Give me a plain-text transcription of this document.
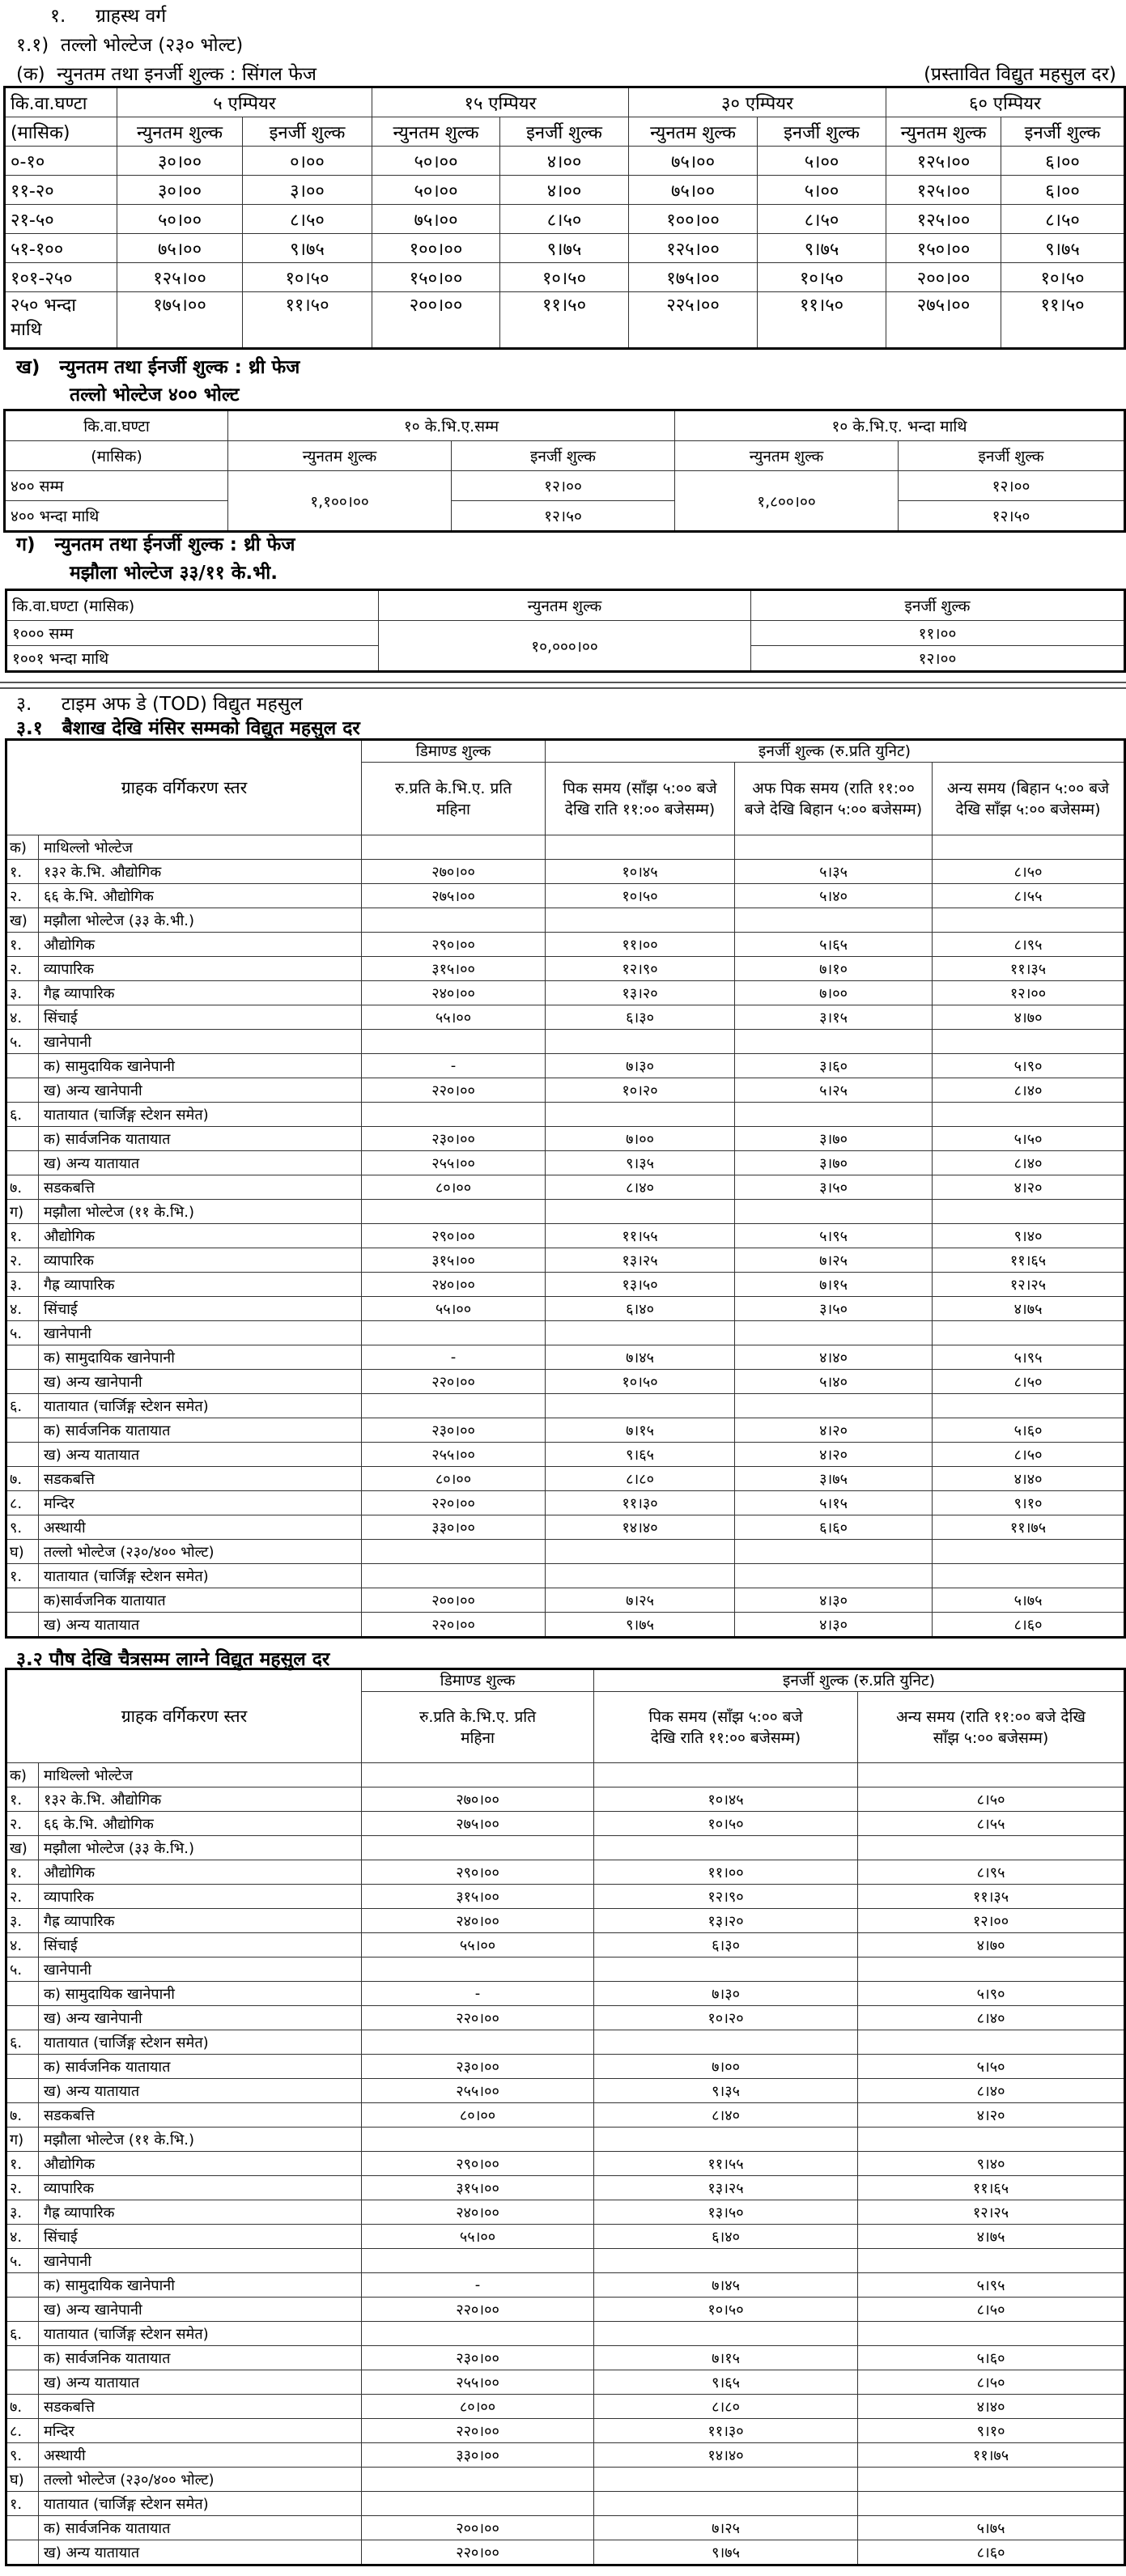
१. ग्राहस्थ वर्ग
१.१) तल्लो भोल्टेज (२३० भोल्ट)
(क) न्युनतम तथा इनर्जी शुल्क : सिंगल फेज	(प्रस्तावित विद्युत महसुल दर)
कि.वा.घण्टा	५ एम्पियर		१५ एम्पियर		३० एम्पियर		६० एम्पियर	
(मासिक)	न्युनतम शुल्क	इनर्जी शुल्क	न्युनतम शुल्क	इनर्जी शुल्क	न्युनतम शुल्क	इनर्जी शुल्क	न्युनतम शुल्क	इनर्जी शुल्क
०-१०	३०।००	०।००	५०।००	४।००	७५।००	५।००	१२५।००	६।००
११-२०	३०।००	३।००	५०।००	४।००	७५।००	५।००	१२५।००	६।००
२१-५०	५०।००	८।५०	७५।००	८।५०	१००।००	८।५०	१२५।००	८।५०
५१-१००	७५।००	९।७५	१००।००	९।७५	१२५।००	९।७५	१५०।००	९।७५
१०१-२५०	१२५।००	१०।५०	१५०।००	१०।५०	१७५।००	१०।५०	२००।००	१०।५०
२५० भन्दा माथि	१७५।००	११।५०	२००।००	११।५०	२२५।००	११।५०	२७५।००	११।५०
ख) न्युनतम तथा ईनर्जी शुल्क : थ्री फेज
तल्लो भोल्टेज ४०० भोल्ट
कि.वा.घण्टा	१० के.भि.ए.सम्म		१० के.भि.ए. भन्दा माथि	
(मासिक)	न्युनतम शुल्क	इनर्जी शुल्क	न्युनतम शुल्क	इनर्जी शुल्क
४०० सम्म	१,१००।००	१२।००	१,८००।००	१२।००
४०० भन्दा माथि		१२।५०		१२।५०
ग) न्युनतम तथा ईनर्जी शुल्क : थ्री फेज
मझौला भोल्टेज ३३/११ के.भी.
कि.वा.घण्टा (मासिक)	न्युनतम शुल्क	इनर्जी शुल्क
१००० सम्म	१०,०००।००	११।००
१००१ भन्दा माथि		१२।००
३. टाइम अफ डे (TOD) विद्युत महसुल
३.१ बैशाख देखि मंसिर सम्मको विद्युत महसुल दर
ग्राहक वर्गिकरण स्तर		डिमाण्ड शुल्क	इनर्जी शुल्क (रु.प्रति युनिट)		
		रु.प्रति के.भि.ए. प्रति महिना	पिक समय (साँझ ५:०० बजे देखि राति ११:०० बजेसम्म)	अफ पिक समय (राति ११:०० बजे देखि बिहान ५:०० बजेसम्म)	अन्य समय (बिहान ५:०० बजे देखि साँझ ५:०० बजेसम्म)
क)	माथिल्लो भोल्टेज				
१.	१३२ के.भि. औद्योगिक	२७०।००	१०।४५	५।३५	८।५०
२.	६६ के.भि. औद्योगिक	२७५।००	१०।५०	५।४०	८।५५
ख)	मझौला भोल्टेज (३३ के.भी.)				
१.	औद्योगिक	२९०।००	११।००	५।६५	८।९५
२.	व्यापारिक	३१५।००	१२।९०	७।१०	११।३५
३.	गैह्र व्यापारिक	२४०।००	१३।२०	७।००	१२।००
४.	सिंचाई	५५।००	६।३०	३।१५	४।७०
५.	खानेपानी				
	क) सामुदायिक खानेपानी	-	७।३०	३।६०	५।९०
	ख) अन्य खानेपानी	२२०।००	१०।२०	५।२५	८।४०
६.	यातायात (चार्जिङ्ग स्टेशन समेत)				
	क) सार्वजनिक यातायात	२३०।००	७।००	३।७०	५।५०
	ख) अन्य यातायात	२५५।००	९।३५	३।७०	८।४०
७.	सडकबत्ति	८०।००	८।४०	३।५०	४।२०
ग)	मझौला भोल्टेज (११ के.भि.)				
१.	औद्योगिक	२९०।००	११।५५	५।९५	९।४०
२.	व्यापारिक	३१५।००	१३।२५	७।२५	११।६५
३.	गैह्र व्यापारिक	२४०।००	१३।५०	७।१५	१२।२५
४.	सिंचाई	५५।००	६।४०	३।५०	४।७५
५.	खानेपानी				
	क) सामुदायिक खानेपानी	-	७।४५	४।४०	५।९५
	ख) अन्य खानेपानी	२२०।००	१०।५०	५।४०	८।५०
६.	यातायात (चार्जिङ्ग स्टेशन समेत)				
	क) सार्वजनिक यातायात	२३०।००	७।१५	४।२०	५।६०
	ख) अन्य यातायात	२५५।००	९।६५	४।२०	८।५०
७.	सडकबत्ति	८०।००	८।८०	३।७५	४।४०
८.	मन्दिर	२२०।००	११।३०	५।१५	९।१०
९.	अस्थायी	३३०।००	१४।४०	६।६०	११।७५
घ)	तल्लो भोल्टेज (२३०/४०० भोल्ट)				
१.	यातायात (चार्जिङ्ग स्टेशन समेत)				
	क)सार्वजनिक यातायात	२००।००	७।२५	४।३०	५।७५
	ख) अन्य यातायात	२२०।००	९।७५	४।३०	८।६०
३.२ पौष देखि चैत्रसम्म लाग्ने विद्युत महसुल दर
ग्राहक वर्गिकरण स्तर		डिमाण्ड शुल्क	इनर्जी शुल्क (रु.प्रति युनिट)	
		रु.प्रति के.भि.ए. प्रति महिना	पिक समय (साँझ ५:०० बजे देखि राति ११:०० बजेसम्म)	अन्य समय (राति ११:०० बजे देखि साँझ ५:०० बजेसम्म)
क)	माथिल्लो भोल्टेज			
१.	१३२ के.भि. औद्योगिक	२७०।००	१०।४५	८।५०
२.	६६ के.भि. औद्योगिक	२७५।००	१०।५०	८।५५
ख)	मझौला भोल्टेज (३३ के.भि.)			
१.	औद्योगिक	२९०।००	११।००	८।९५
२.	व्यापारिक	३१५।००	१२।९०	११।३५
३.	गैह्र व्यापारिक	२४०।००	१३।२०	१२।००
४.	सिंचाई	५५।००	६।३०	४।७०
५.	खानेपानी			
	क) सामुदायिक खानेपानी	-	७।३०	५।९०
	ख) अन्य खानेपानी	२२०।००	१०।२०	८।४०
६.	यातायात (चार्जिङ्ग स्टेशन समेत)			
	क) सार्वजनिक यातायात	२३०।००	७।००	५।५०
	ख) अन्य यातायात	२५५।००	९।३५	८।४०
७.	सडकबत्ति	८०।००	८।४०	४।२०
ग)	मझौला भोल्टेज (११ के.भि.)			
१.	औद्योगिक	२९०।००	११।५५	९।४०
२.	व्यापारिक	३१५।००	१३।२५	११।६५
३.	गैह्र व्यापारिक	२४०।००	१३।५०	१२।२५
४.	सिंचाई	५५।००	६।४०	४।७५
५.	खानेपानी			
	क) सामुदायिक खानेपानी	-	७।४५	५।९५
	ख) अन्य खानेपानी	२२०।००	१०।५०	८।५०
६.	यातायात (चार्जिङ्ग स्टेशन समेत)			
	क) सार्वजनिक यातायात	२३०।००	७।१५	५।६०
	ख) अन्य यातायात	२५५।००	९।६५	८।५०
७.	सडकबत्ति	८०।००	८।८०	४।४०
८.	मन्दिर	२२०।००	११।३०	९।१०
९.	अस्थायी	३३०।००	१४।४०	११।७५
घ)	तल्लो भोल्टेज (२३०/४०० भोल्ट)			
१.	यातायात (चार्जिङ्ग स्टेशन समेत)			
	क) सार्वजनिक यातायात	२००।००	७।२५	५।७५
	ख) अन्य यातायात	२२०।००	९।७५	८।६०
